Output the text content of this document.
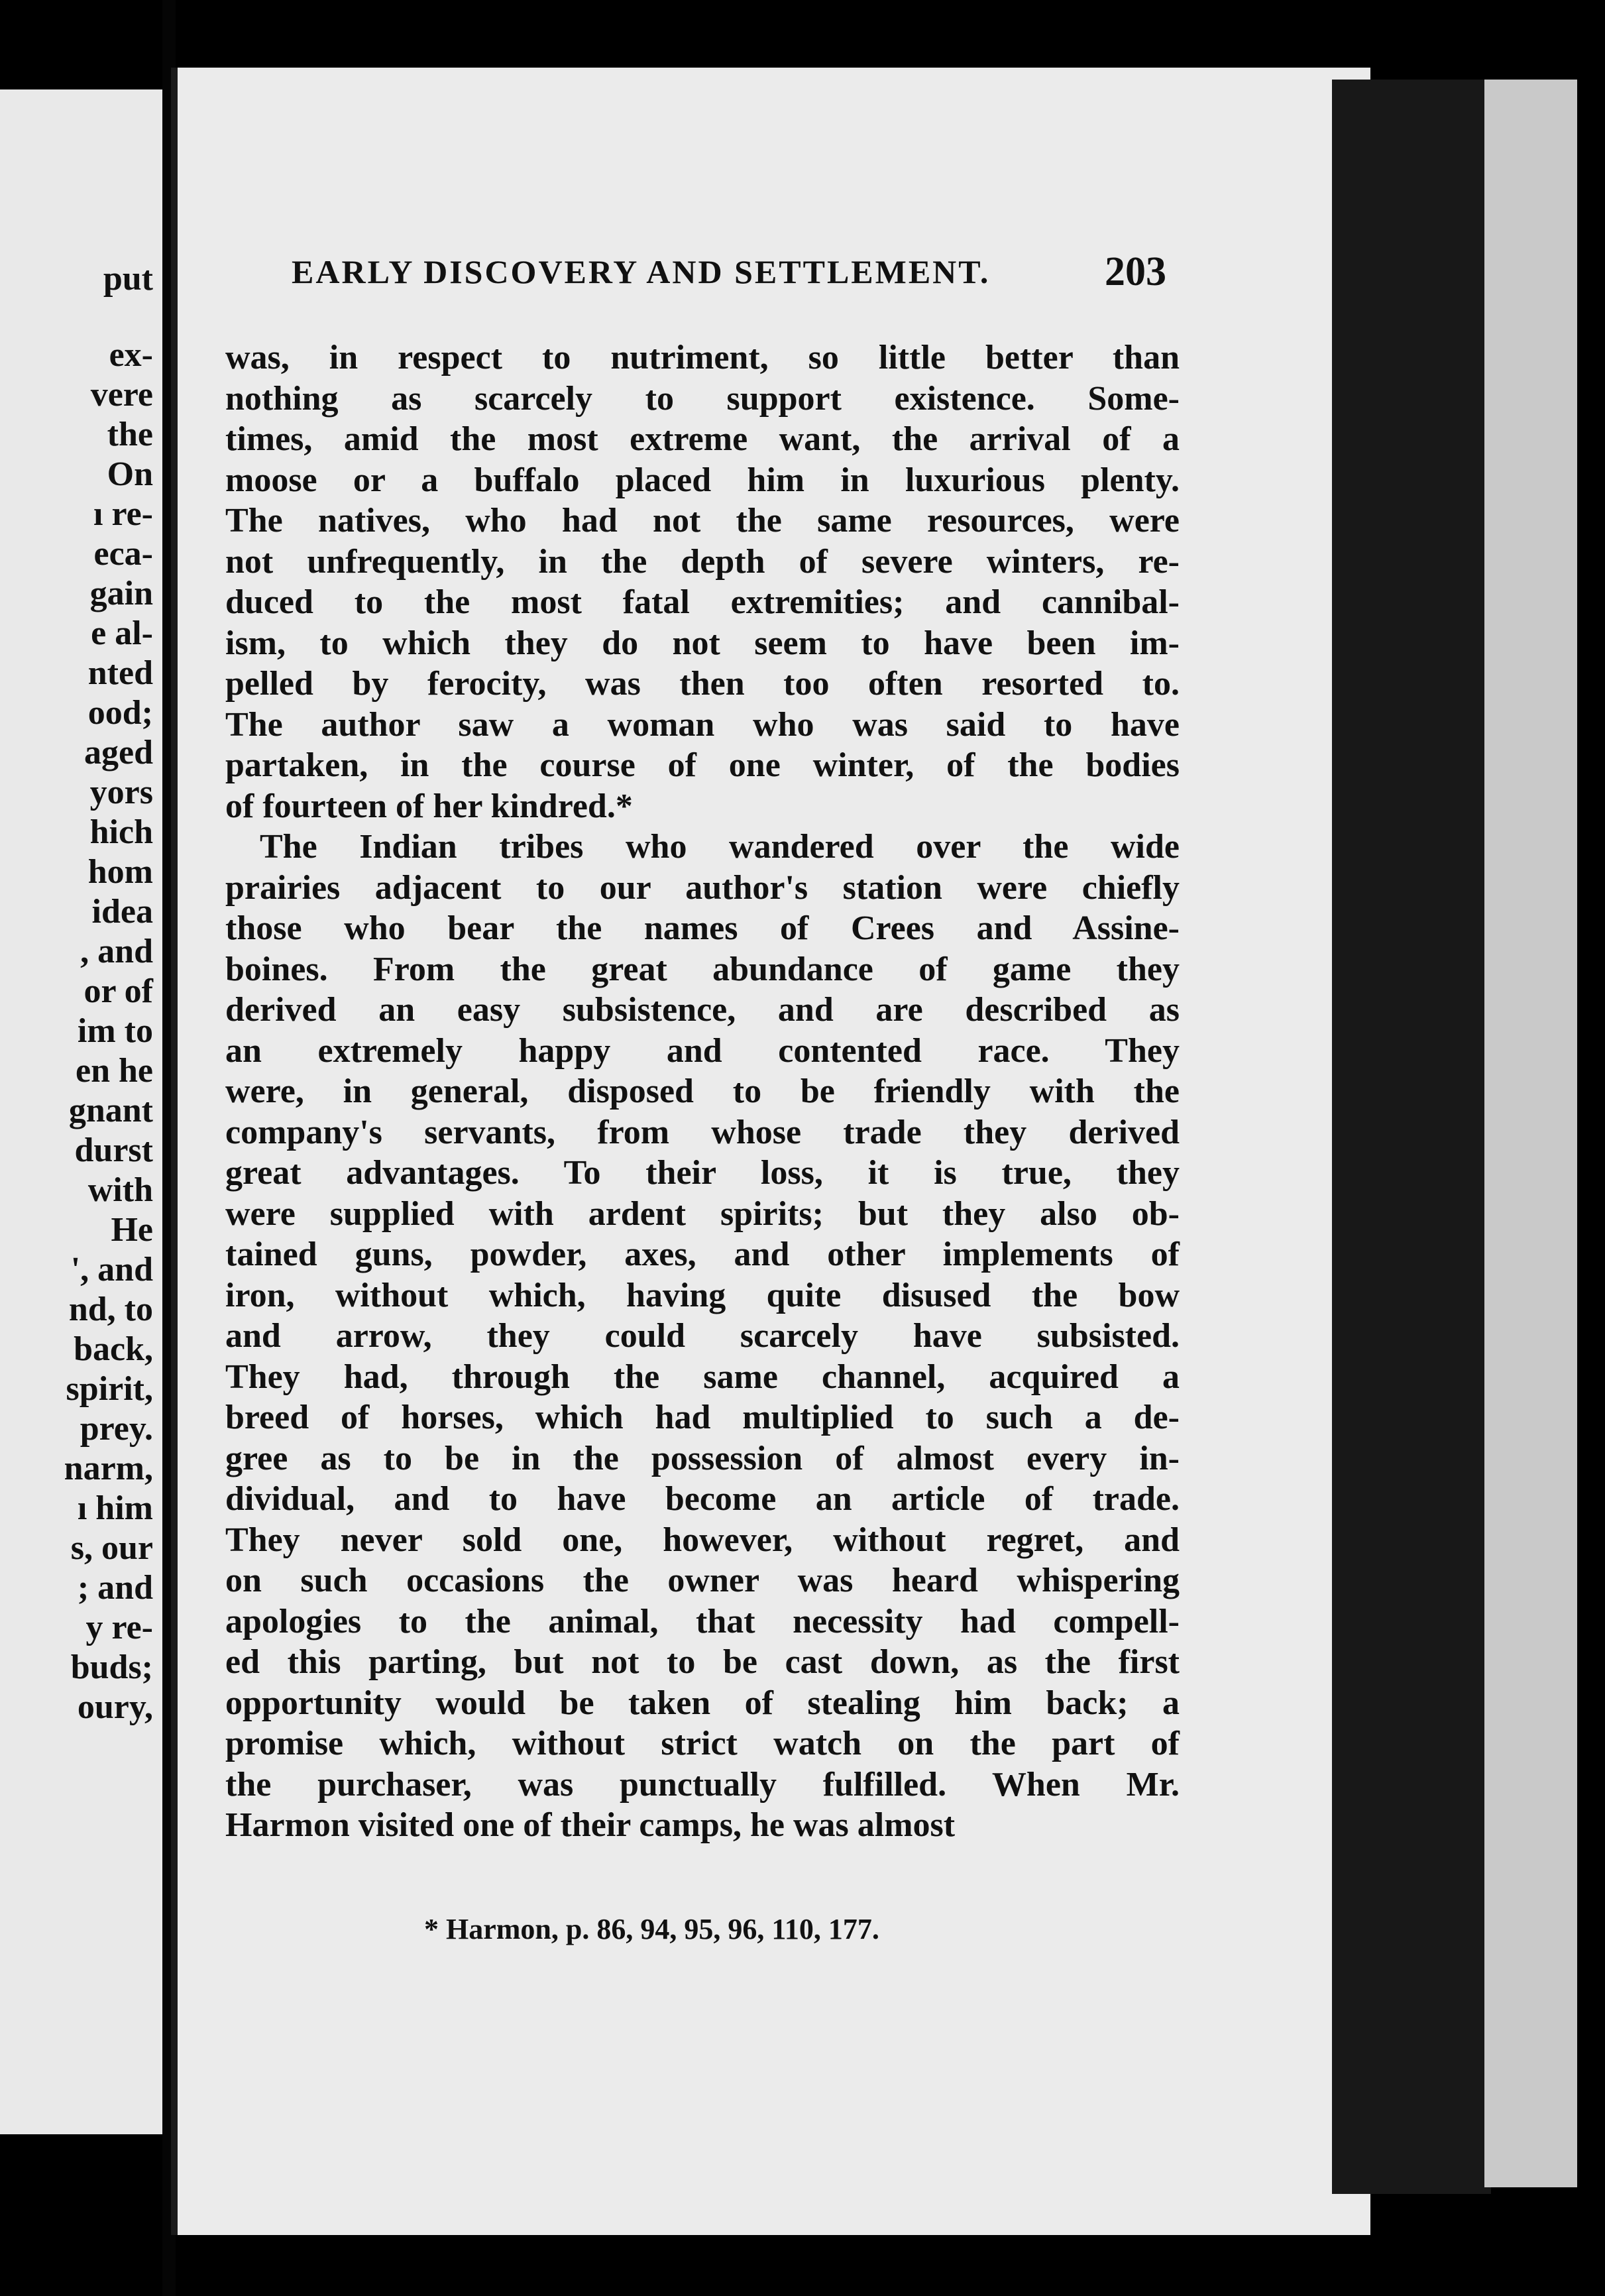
put
ex-
vere
the
On
ı re-
eca-
gain
e al-
nted
ood;
aged
yors
hich
hom
idea
, and
or of
im to
en he
gnant
durst
with
He
', and
nd, to
back,
spirit,
prey.
narm,
ı him
s, our
; and
y re-
buds;
oury,
EARLY DISCOVERY AND SETTLEMENT.	203
was, in respect to nutriment, so little better than
nothing as scarcely to support existence. Some-
times, amid the most extreme want, the arrival of a
moose or a buffalo placed him in luxurious plenty.
The natives, who had not the same resources, were
not unfrequently, in the depth of severe winters, re-
duced to the most fatal extremities; and cannibal-
ism, to which they do not seem to have been im-
pelled by ferocity, was then too often resorted to.
The author saw a woman who was said to have
partaken, in the course of one winter, of the bodies
of fourteen of her kindred.*
The Indian tribes who wandered over the wide
prairies adjacent to our author's station were chiefly
those who bear the names of Crees and Assine-
boines. From the great abundance of game they
derived an easy subsistence, and are described as
an extremely happy and contented race. They
were, in general, disposed to be friendly with the
company's servants, from whose trade they derived
great advantages. To their loss, it is true, they
were supplied with ardent spirits; but they also ob-
tained guns, powder, axes, and other implements of
iron, without which, having quite disused the bow
and arrow, they could scarcely have subsisted.
They had, through the same channel, acquired a
breed of horses, which had multiplied to such a de-
gree as to be in the possession of almost every in-
dividual, and to have become an article of trade.
They never sold one, however, without regret, and
on such occasions the owner was heard whispering
apologies to the animal, that necessity had compell-
ed this parting, but not to be cast down, as the first
opportunity would be taken of stealing him back; a
promise which, without strict watch on the part of
the purchaser, was punctually fulfilled. When Mr.
Harmon visited one of their camps, he was almost
* Harmon, p. 86, 94, 95, 96, 110, 177.
